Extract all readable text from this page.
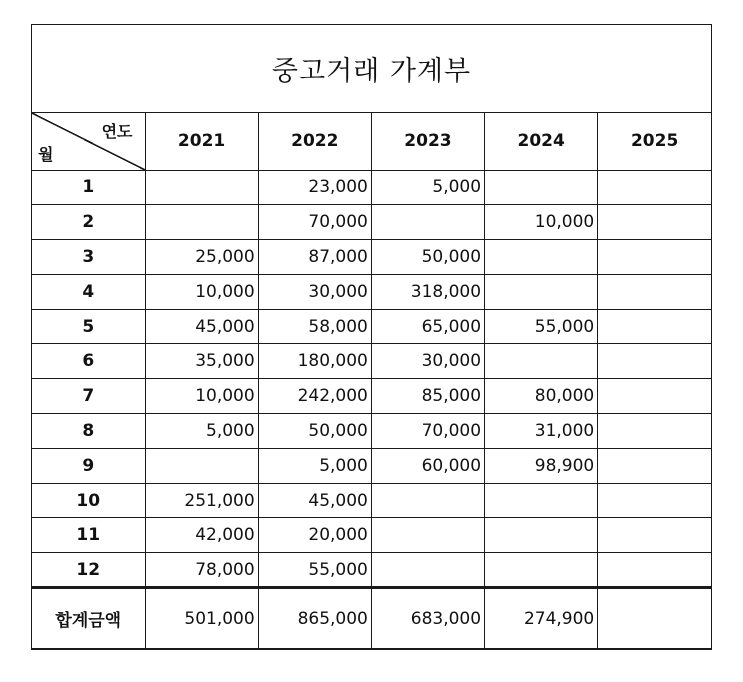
중고거래 가계부
연도
월	2021	2022	2023	2024	2025
1		23,000	5,000		
2		70,000		10,000	
3	25,000	87,000	50,000		
4	10,000	30,000	318,000		
5	45,000	58,000	65,000	55,000	
6	35,000	180,000	30,000		
7	10,000	242,000	85,000	80,000	
8	5,000	50,000	70,000	31,000	
9		5,000	60,000	98,900	
10	251,000	45,000			
11	42,000	20,000			
12	78,000	55,000			
합계금액	501,000	865,000	683,000	274,900	
